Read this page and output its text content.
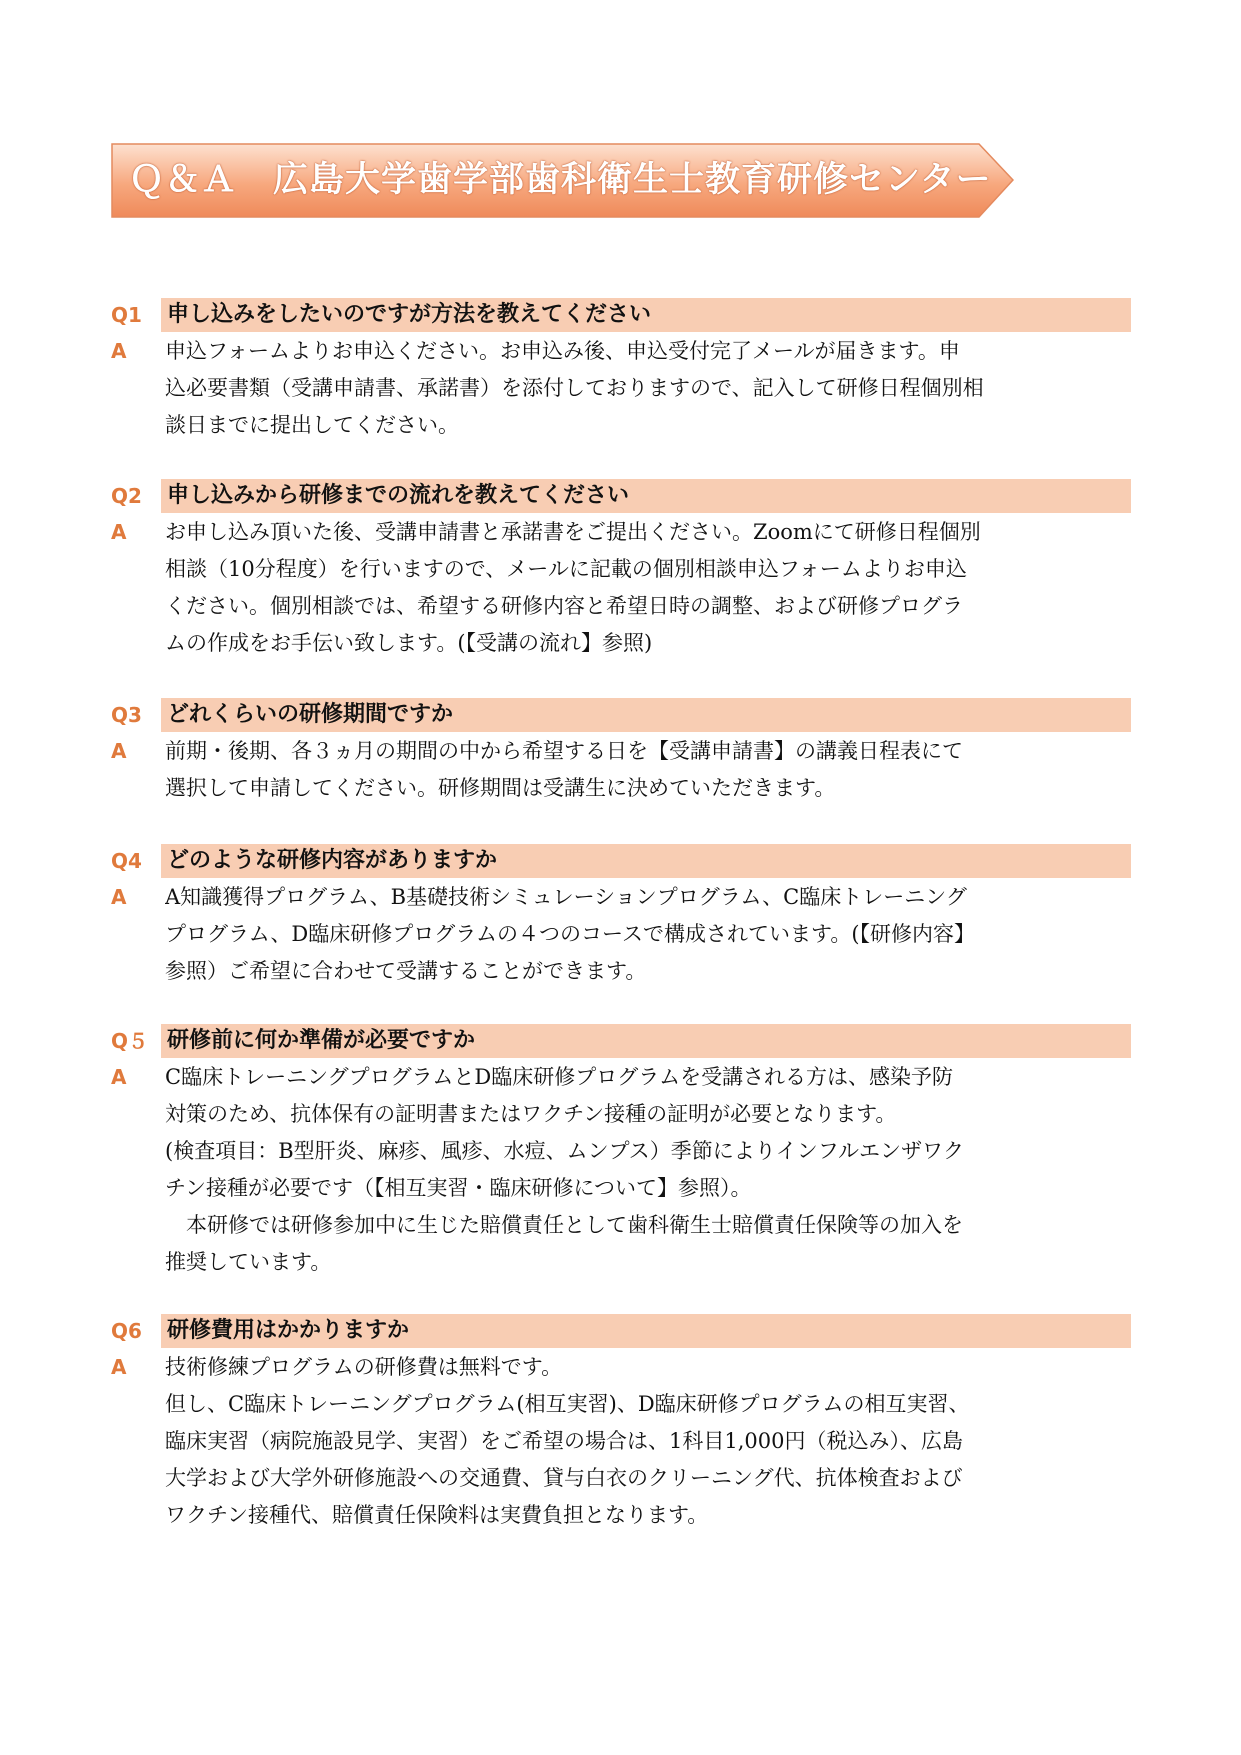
Ｑ＆Ａ　広島大学歯学部歯科衛生士教育研修センター
Q1	申し込みをしたいのですが方法を教えてください
A	申込フォームよりお申込ください。お申込み後、申込受付完了メールが届きます。申
込必要書類（受講申請書、承諾書）を添付しておりますので、記入して研修日程個別相
談日までに提出してください。
Q2	申し込みから研修までの流れを教えてください
A	お申し込み頂いた後、受講申請書と承諾書をご提出ください。Zoomにて研修日程個別
相談（10分程度）を行いますので、メールに記載の個別相談申込フォームよりお申込
ください。個別相談では、希望する研修内容と希望日時の調整、および研修プログラ
ムの作成をお手伝い致します。(【受講の流れ】参照)
Q3	どれくらいの研修期間ですか
A	前期・後期、各３ヵ月の期間の中から希望する日を【受講申請書】の講義日程表にて
選択して申請してください。研修期間は受講生に決めていただきます。
Q4	どのような研修内容がありますか
A	A知識獲得プログラム、B基礎技術シミュレーションプログラム、C臨床トレーニング
プログラム、D臨床研修プログラムの４つのコースで構成されています。(【研修内容】
参照）ご希望に合わせて受講することができます。
Q５ 研修前に何か準備が必要ですか
A	C臨床トレーニングプログラムとD臨床研修プログラムを受講される方は、感染予防
対策のため、抗体保有の証明書またはワクチン接種の証明が必要となります。
(検査項目：B型肝炎、麻疹、風疹、水痘、ムンプス）季節によりインフルエンザワク
チン接種が必要です（【相互実習・臨床研修について】参照）。
　本研修では研修参加中に生じた賠償責任として歯科衛生士賠償責任保険等の加入を
推奨しています。
Q6	研修費用はかかりますか
A	技術修練プログラムの研修費は無料です。
但し、C臨床トレーニングプログラム(相互実習)、D臨床研修プログラムの相互実習、
臨床実習（病院施設見学、実習）をご希望の場合は、1科目1,000円（税込み）、広島
大学および大学外研修施設への交通費、貸与白衣のクリーニング代、抗体検査および
ワクチン接種代、賠償責任保険料は実費負担となります。
